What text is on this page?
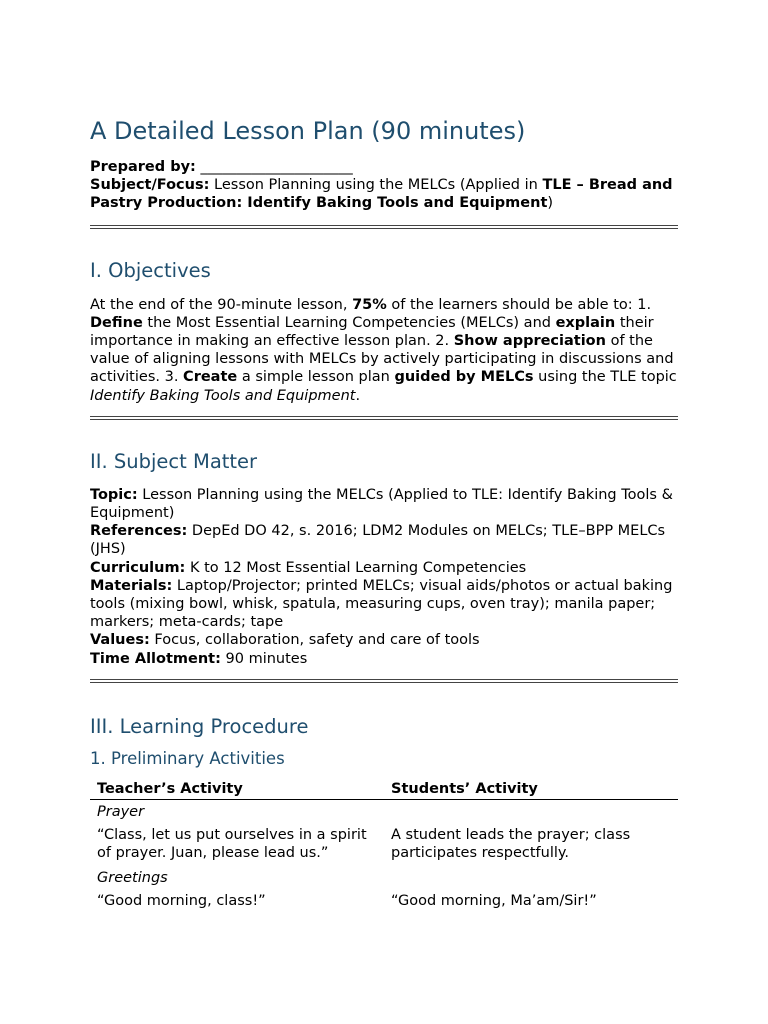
A Detailed Lesson Plan (90 minutes)

Prepared by: _____________________

Subject/Focus: Lesson Planning using the MELCs (Applied in TLE – Bread and Pastry Production: Identify Baking Tools and Equipment)

I. Objectives

At the end of the 90-minute lesson, 75% of the learners should be able to: 1. Define the Most Essential Learning Competencies (MELCs) and explain their importance in making an effective lesson plan. 2. Show appreciation of the value of aligning lessons with MELCs by actively participating in discussions and activities. 3. Create a simple lesson plan guided by MELCs using the TLE topic Identify Baking Tools and Equipment.

II. Subject Matter

Topic: Lesson Planning using the MELCs (Applied to TLE: Identify Baking Tools & Equipment)

References: DepEd DO 42, s. 2016; LDM2 Modules on MELCs; TLE–BPP MELCs (JHS)

Curriculum: K to 12 Most Essential Learning Competencies

Materials: Laptop/Projector; printed MELCs; visual aids/photos or actual baking tools (mixing bowl, whisk, spatula, measuring cups, oven tray); manila paper; markers; meta-cards; tape

Values: Focus, collaboration, safety and care of tools

Time Allotment: 90 minutes

III. Learning Procedure
1. Preliminary Activities
Teacher’s Activity	Students’ Activity
Prayer	
“Class, let us put ourselves in a spirit of prayer. Juan, please lead us.”	A student leads the prayer; class participates respectfully.
Greetings	
“Good morning, class!”	“Good morning, Ma’am/Sir!”
